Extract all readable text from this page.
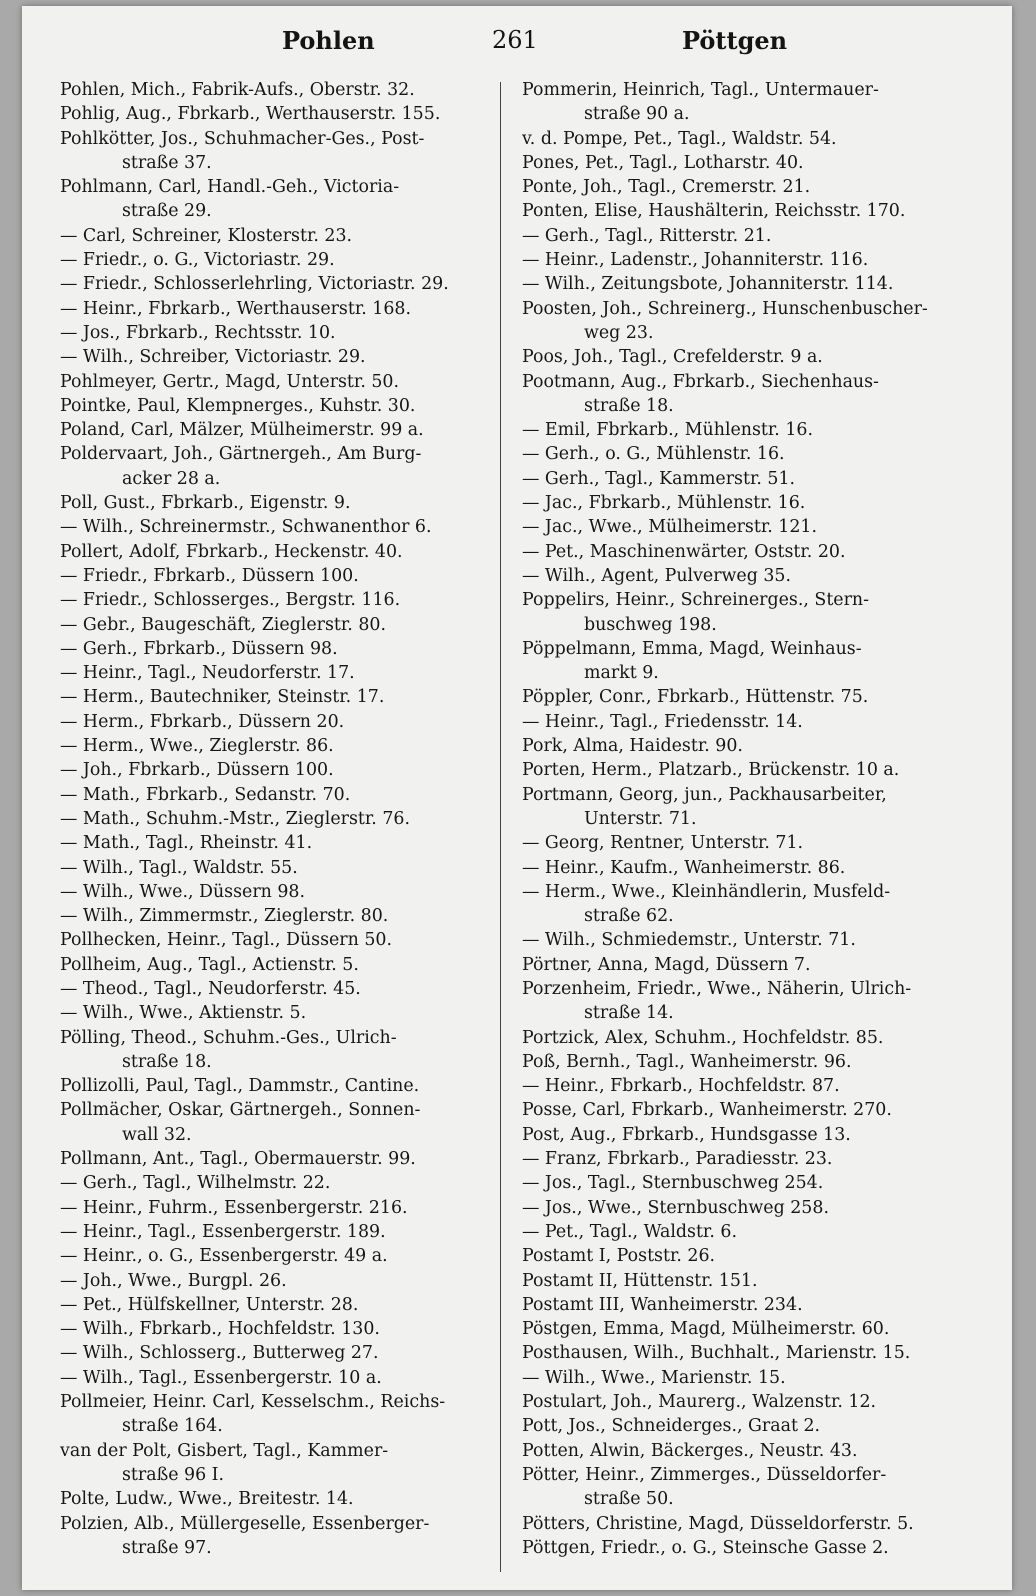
Pohlen	261	Pöttgen
Pohlen, Mich., Fabrik-Aufs., Oberstr. 32.
Pohlig, Aug., Fbrkarb., Werthauserstr. 155.
Pohlkötter, Jos., Schuhmacher-Ges., Post-
straße 37.
Pohlmann, Carl, Handl.-Geh., Victoria-
straße 29.
— Carl, Schreiner, Klosterstr. 23.
— Friedr., o. G., Victoriastr. 29.
— Friedr., Schlosserlehrling, Victoriastr. 29.
— Heinr., Fbrkarb., Werthauserstr. 168.
— Jos., Fbrkarb., Rechtsstr. 10.
— Wilh., Schreiber, Victoriastr. 29.
Pohlmeyer, Gertr., Magd, Unterstr. 50.
Pointke, Paul, Klempnerges., Kuhstr. 30.
Poland, Carl, Mälzer, Mülheimerstr. 99 a.
Poldervaart, Joh., Gärtnergeh., Am Burg-
acker 28 a.
Poll, Gust., Fbrkarb., Eigenstr. 9.
— Wilh., Schreinermstr., Schwanenthor 6.
Pollert, Adolf, Fbrkarb., Heckenstr. 40.
— Friedr., Fbrkarb., Düssern 100.
— Friedr., Schlosserges., Bergstr. 116.
— Gebr., Baugeschäft, Zieglerstr. 80.
— Gerh., Fbrkarb., Düssern 98.
— Heinr., Tagl., Neudorferstr. 17.
— Herm., Bautechniker, Steinstr. 17.
— Herm., Fbrkarb., Düssern 20.
— Herm., Wwe., Zieglerstr. 86.
— Joh., Fbrkarb., Düssern 100.
— Math., Fbrkarb., Sedanstr. 70.
— Math., Schuhm.-Mstr., Zieglerstr. 76.
— Math., Tagl., Rheinstr. 41.
— Wilh., Tagl., Waldstr. 55.
— Wilh., Wwe., Düssern 98.
— Wilh., Zimmermstr., Zieglerstr. 80.
Pollhecken, Heinr., Tagl., Düssern 50.
Pollheim, Aug., Tagl., Actienstr. 5.
— Theod., Tagl., Neudorferstr. 45.
— Wilh., Wwe., Aktienstr. 5.
Pölling, Theod., Schuhm.-Ges., Ulrich-
straße 18.
Pollizolli, Paul, Tagl., Dammstr., Cantine.
Pollmächer, Oskar, Gärtnergeh., Sonnen-
wall 32.
Pollmann, Ant., Tagl., Obermauerstr. 99.
— Gerh., Tagl., Wilhelmstr. 22.
— Heinr., Fuhrm., Essenbergerstr. 216.
— Heinr., Tagl., Essenbergerstr. 189.
— Heinr., o. G., Essenbergerstr. 49 a.
— Joh., Wwe., Burgpl. 26.
— Pet., Hülfskellner, Unterstr. 28.
— Wilh., Fbrkarb., Hochfeldstr. 130.
— Wilh., Schlosserg., Butterweg 27.
— Wilh., Tagl., Essenbergerstr. 10 a.
Pollmeier, Heinr. Carl, Kesselschm., Reichs-
straße 164.
van der Polt, Gisbert, Tagl., Kammer-
straße 96 I.
Polte, Ludw., Wwe., Breitestr. 14.
Polzien, Alb., Müllergeselle, Essenberger-
straße 97.
Pommerin, Heinrich, Tagl., Untermauer-
straße 90 a.
v. d. Pompe, Pet., Tagl., Waldstr. 54.
Pones, Pet., Tagl., Lotharstr. 40.
Ponte, Joh., Tagl., Cremerstr. 21.
Ponten, Elise, Haushälterin, Reichsstr. 170.
— Gerh., Tagl., Ritterstr. 21.
— Heinr., Ladenstr., Johanniterstr. 116.
— Wilh., Zeitungsbote, Johanniterstr. 114.
Poosten, Joh., Schreinerg., Hunschenbuscher-
weg 23.
Poos, Joh., Tagl., Crefelderstr. 9 a.
Pootmann, Aug., Fbrkarb., Siechenhaus-
straße 18.
— Emil, Fbrkarb., Mühlenstr. 16.
— Gerh., o. G., Mühlenstr. 16.
— Gerh., Tagl., Kammerstr. 51.
— Jac., Fbrkarb., Mühlenstr. 16.
— Jac., Wwe., Mülheimerstr. 121.
— Pet., Maschinenwärter, Oststr. 20.
— Wilh., Agent, Pulverweg 35.
Poppelirs, Heinr., Schreinerges., Stern-
buschweg 198.
Pöppelmann, Emma, Magd, Weinhaus-
markt 9.
Pöppler, Conr., Fbrkarb., Hüttenstr. 75.
— Heinr., Tagl., Friedensstr. 14.
Pork, Alma, Haidestr. 90.
Porten, Herm., Platzarb., Brückenstr. 10 a.
Portmann, Georg, jun., Packhausarbeiter,
Unterstr. 71.
— Georg, Rentner, Unterstr. 71.
— Heinr., Kaufm., Wanheimerstr. 86.
— Herm., Wwe., Kleinhändlerin, Musfeld-
straße 62.
— Wilh., Schmiedemstr., Unterstr. 71.
Pörtner, Anna, Magd, Düssern 7.
Porzenheim, Friedr., Wwe., Näherin, Ulrich-
straße 14.
Portzick, Alex, Schuhm., Hochfeldstr. 85.
Poß, Bernh., Tagl., Wanheimerstr. 96.
— Heinr., Fbrkarb., Hochfeldstr. 87.
Posse, Carl, Fbrkarb., Wanheimerstr. 270.
Post, Aug., Fbrkarb., Hundsgasse 13.
— Franz, Fbrkarb., Paradiesstr. 23.
— Jos., Tagl., Sternbuschweg 254.
— Jos., Wwe., Sternbuschweg 258.
— Pet., Tagl., Waldstr. 6.
Postamt I, Poststr. 26.
Postamt II, Hüttenstr. 151.
Postamt III, Wanheimerstr. 234.
Pöstgen, Emma, Magd, Mülheimerstr. 60.
Posthausen, Wilh., Buchhalt., Marienstr. 15.
— Wilh., Wwe., Marienstr. 15.
Postulart, Joh., Maurerg., Walzenstr. 12.
Pott, Jos., Schneiderges., Graat 2.
Potten, Alwin, Bäckerges., Neustr. 43.
Pötter, Heinr., Zimmerges., Düsseldorfer-
straße 50.
Pötters, Christine, Magd, Düsseldorferstr. 5.
Pöttgen, Friedr., o. G., Steinsche Gasse 2.
